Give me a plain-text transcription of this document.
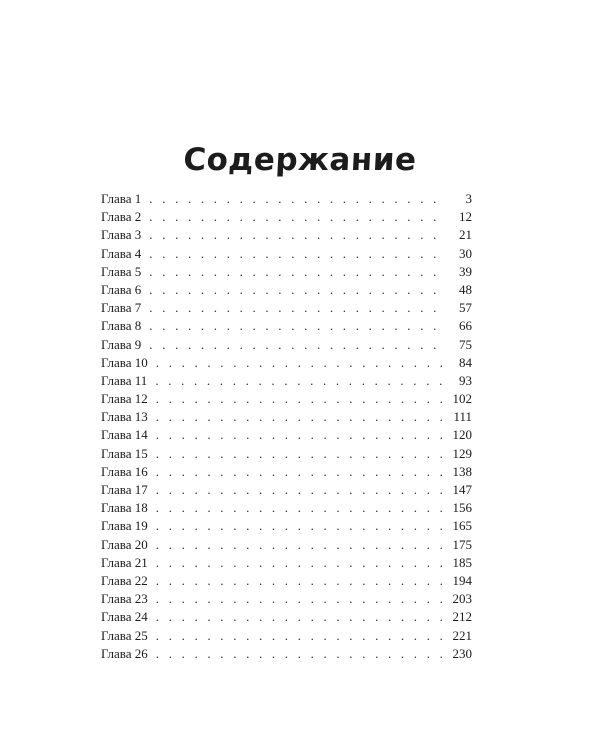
Содержание
Глава 1 . . .	3
Глава 2 . . .	12
Глава 3 . . .	21
Глава 4 . . .	30
Глава 5 . . .	39
Глава 6 . . .	48
Глава 7 . . .	57
Глава 8 . . .	66
Глава 9 . . .	75
Глава 10 . . .	84
Глава 11 . . .	93
Глава 12 . . .	102
Глава 13 . . .	111
Глава 14 . . .	120
Глава 15 . . .	129
Глава 16 . . .	138
Глава 17 . . .	147
Глава 18 . . .	156
Глава 19 . . .	165
Глава 20 . . .	175
Глава 21 . . .	185
Глава 22 . . .	194
Глава 23 . . .	203
Глава 24 . . .	212
Глава 25 . . .	221
Глава 26 . . .	230
